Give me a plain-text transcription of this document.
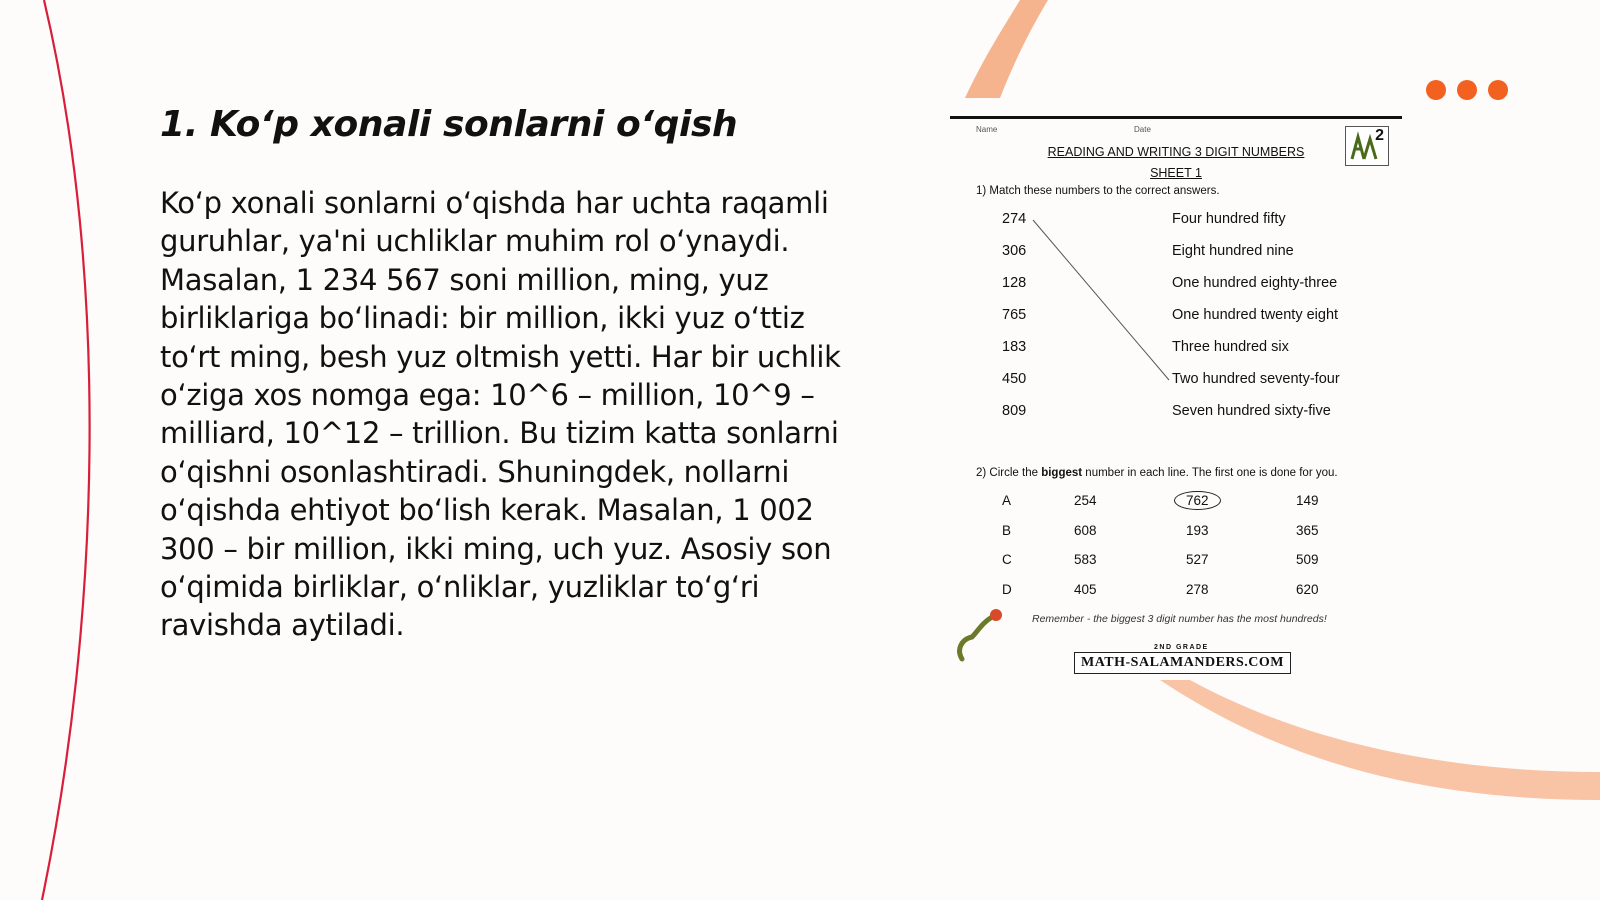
1. Ko‘p xonali sonlarni o‘qish

Ko‘p xonali sonlarni o‘qishda har uchta raqamli guruhlar, ya'ni uchliklar muhim rol o‘ynaydi. Masalan, 1 234 567 soni million, ming, yuz birliklariga bo‘linadi: bir million, ikki yuz o‘ttiz to‘rt ming, besh yuz oltmish yetti. Har bir uchlik o‘ziga xos nomga ega: 10^6 – million, 10^9 – milliard, 10^12 – trillion. Bu tizim katta sonlarni o‘qishni osonlashtiradi. Shuningdek, nollarni o‘qishda ehtiyot bo‘lish kerak. Masalan, 1 002 300 – bir million, ikki ming, uch yuz. Asosiy son o‘qimida birliklar, o‘nliklar, yuzliklar to‘g‘ri ravishda aytiladi.

Name	Date	2
READING AND WRITING 3 DIGIT NUMBERS
SHEET 1
1) Match these numbers to the correct answers.
274	Four hundred fifty
306	Eight hundred nine
128	One hundred eighty-three
765	One hundred twenty eight
183	Three hundred six
450	Two hundred seventy-four
809	Seven hundred sixty-five
2) Circle the biggest number in each line. The first one is done for you.
A	254	762	149
B	608	193	365
C	583	527	509
D	405	278	620
Remember - the biggest 3 digit number has the most hundreds!
2ND GRADE
MATH-SALAMANDERS.COM
